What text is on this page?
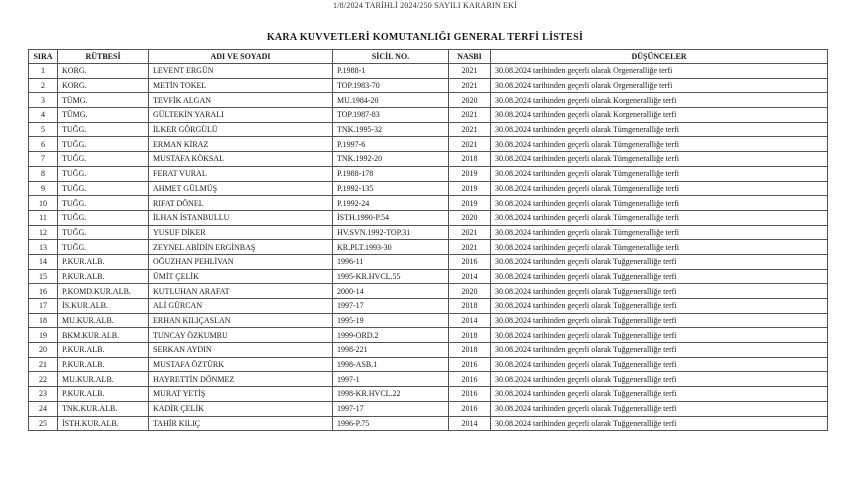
1/8/2024 TARİHLİ 2024/250 SAYILI KARARIN EKİ
KARA KUVVETLERİ KOMUTANLIĞI GENERAL TERFİ LİSTESİ
SIRA	RÜTBESİ	ADI VE SOYADI	SİCİL NO.	NASBI	DÜŞÜNCELER
1	KORG.	LEVENT ERGÜN	P.1988-1	2021	30.08.2024 tarihinden geçerli olarak Orgeneralliğe terfi
2	KORG.	METİN TOKEL	TOP.1983-70	2021	30.08.2024 tarihinden geçerli olarak Orgeneralliğe terfi
3	TÜMG.	TEVFİK ALGAN	MU.1984-20	2020	30.08.2024 tarihinden geçerli olarak Korgeneralliğe terfi
4	TÜMG.	GÜLTEKİN YARALI	TOP.1987-83	2021	30.08.2024 tarihinden geçerli olarak Korgeneralliğe terfi
5	TUĞG.	İLKER GÖRGÜLÜ	TNK.1995-32	2021	30.08.2024 tarihinden geçerli olarak Tümgeneralliğe terfi
6	TUĞG.	ERMAN KİRAZ	P.1997-6	2021	30.08.2024 tarihinden geçerli olarak Tümgeneralliğe terfi
7	TUĞG.	MUSTAFA KÖKSAL	TNK.1992-20	2018	30.08.2024 tarihinden geçerli olarak Tümgeneralliğe terfi
8	TUĞG.	FERAT VURAL	P.1988-178	2019	30.08.2024 tarihinden geçerli olarak Tümgeneralliğe terfi
9	TUĞG.	AHMET GÜLMÜŞ	P.1992-135	2019	30.08.2024 tarihinden geçerli olarak Tümgeneralliğe terfi
10	TUĞG.	RIFAT DÖNEL	P.1992-24	2019	30.08.2024 tarihinden geçerli olarak Tümgeneralliğe terfi
11	TUĞG.	İLHAN İSTANBULLU	İSTH.1990-P.54	2020	30.08.2024 tarihinden geçerli olarak Tümgeneralliğe terfi
12	TUĞG.	YUSUF DİKER	HV.SVN.1992-TOP.31	2021	30.08.2024 tarihinden geçerli olarak Tümgeneralliğe terfi
13	TUĞG.	ZEYNEL ABİDİN ERGİNBAŞ	KR.PLT.1993-30	2021	30.08.2024 tarihinden geçerli olarak Tümgeneralliğe terfi
14	P.KUR.ALB.	OĞUZHAN PEHLİVAN	1996-11	2016	30.08.2024 tarihinden geçerli olarak Tuğgeneralliğe terfi
15	P.KUR.ALB.	ÜMİT ÇELİK	1995-KR.HVCL.55	2014	30.08.2024 tarihinden geçerli olarak Tuğgeneralliğe terfi
16	P.KOMD.KUR.ALB.	KUTLUHAN ARAFAT	2000-14	2020	30.08.2024 tarihinden geçerli olarak Tuğgeneralliğe terfi
17	İS.KUR.ALB.	ALİ GÜRCAN	1997-17	2018	30.08.2024 tarihinden geçerli olarak Tuğgeneralliğe terfi
18	MU.KUR.ALB.	ERHAN KILIÇASLAN	1995-19	2014	30.08.2024 tarihinden geçerli olarak Tuğgeneralliğe terfi
19	BKM.KUR.ALB.	TUNCAY ÖZKUMRU	1999-ORD.2	2018	30.08.2024 tarihinden geçerli olarak Tuğgeneralliğe terfi
20	P.KUR.ALB.	SERKAN AYDIN	1998-221	2018	30.08.2024 tarihinden geçerli olarak Tuğgeneralliğe terfi
21	P.KUR.ALB.	MUSTAFA ÖZTÜRK	1998-ASB.1	2016	30.08.2024 tarihinden geçerli olarak Tuğgeneralliğe terfi
22	MU.KUR.ALB.	HAYRETTİN DÖNMEZ	1997-1	2016	30.08.2024 tarihinden geçerli olarak Tuğgeneralliğe terfi
23	P.KUR.ALB.	MURAT YETİŞ	1998-KR.HVCL.22	2016	30.08.2024 tarihinden geçerli olarak Tuğgeneralliğe terfi
24	TNK.KUR.ALB.	KADİR ÇELİK	1997-17	2016	30.08.2024 tarihinden geçerli olarak Tuğgeneralliğe terfi
25	İSTH.KUR.ALB.	TAHİR KILIÇ	1996-P.75	2014	30.08.2024 tarihinden geçerli olarak Tuğgeneralliğe terfi
